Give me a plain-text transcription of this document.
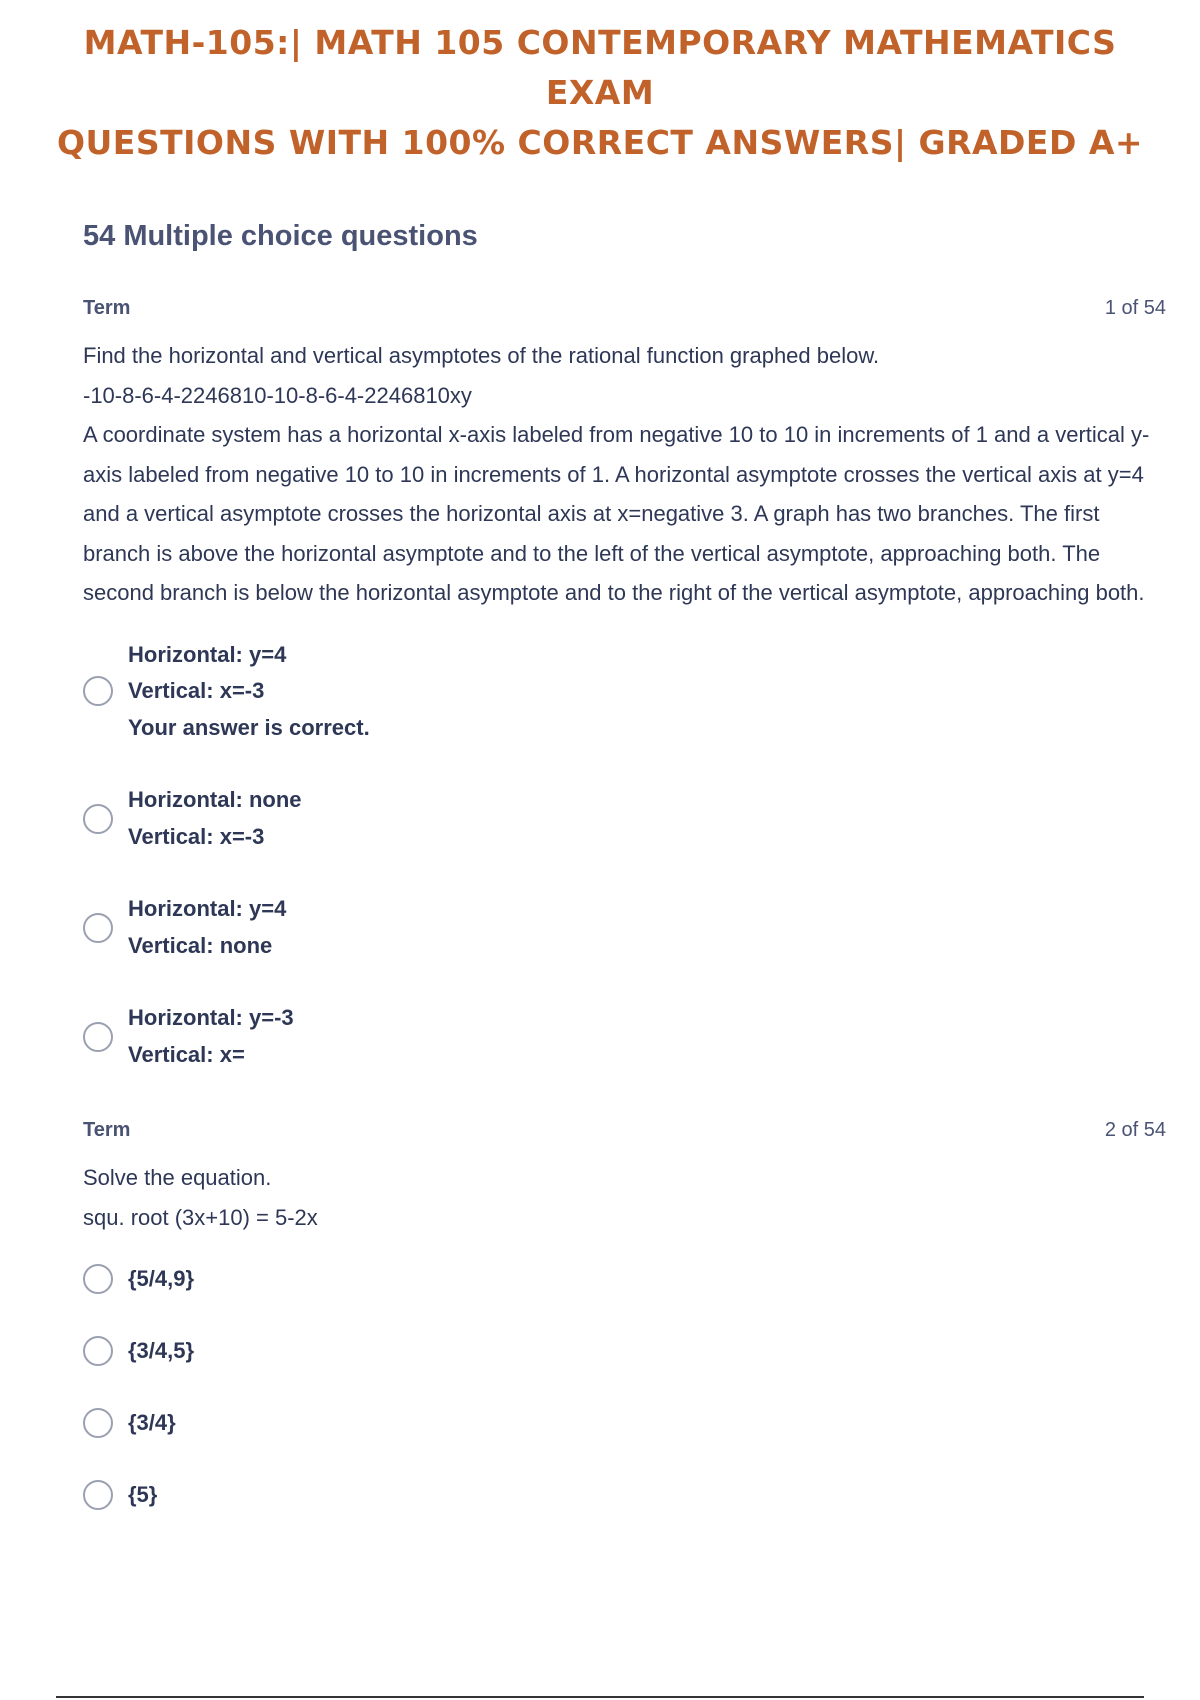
MATH-105:| MATH 105 CONTEMPORARY MATHEMATICS EXAM
QUESTIONS WITH 100% CORRECT ANSWERS| GRADED A+
54 Multiple choice questions
Term	1 of 54

Find the horizontal and vertical asymptotes of the rational function graphed below.

-10-8-6-4-2246810-10-8-6-4-2246810xy

A coordinate system has a horizontal x-axis labeled from negative 10 to 10 in increments of 1 and a vertical y-axis labeled from negative 10 to 10 in increments of 1. A horizontal asymptote crosses the vertical axis at y=4 and a vertical asymptote crosses the horizontal axis at x=negative 3. A graph has two branches. The first branch is above the horizontal asymptote and to the left of the vertical asymptote, approaching both. The second branch is below the horizontal asymptote and to the right of the vertical asymptote, approaching both.

Horizontal: y=4
Vertical: x=-3
Your answer is correct.
Horizontal: none
Vertical: x=-3
Horizontal: y=4
Vertical: none
Horizontal: y=-3
Vertical: x=
Term	2 of 54

Solve the equation.

squ. root (3x+10) = 5-2x

{5/4,9}
{3/4,5}
{3/4}
{5}
